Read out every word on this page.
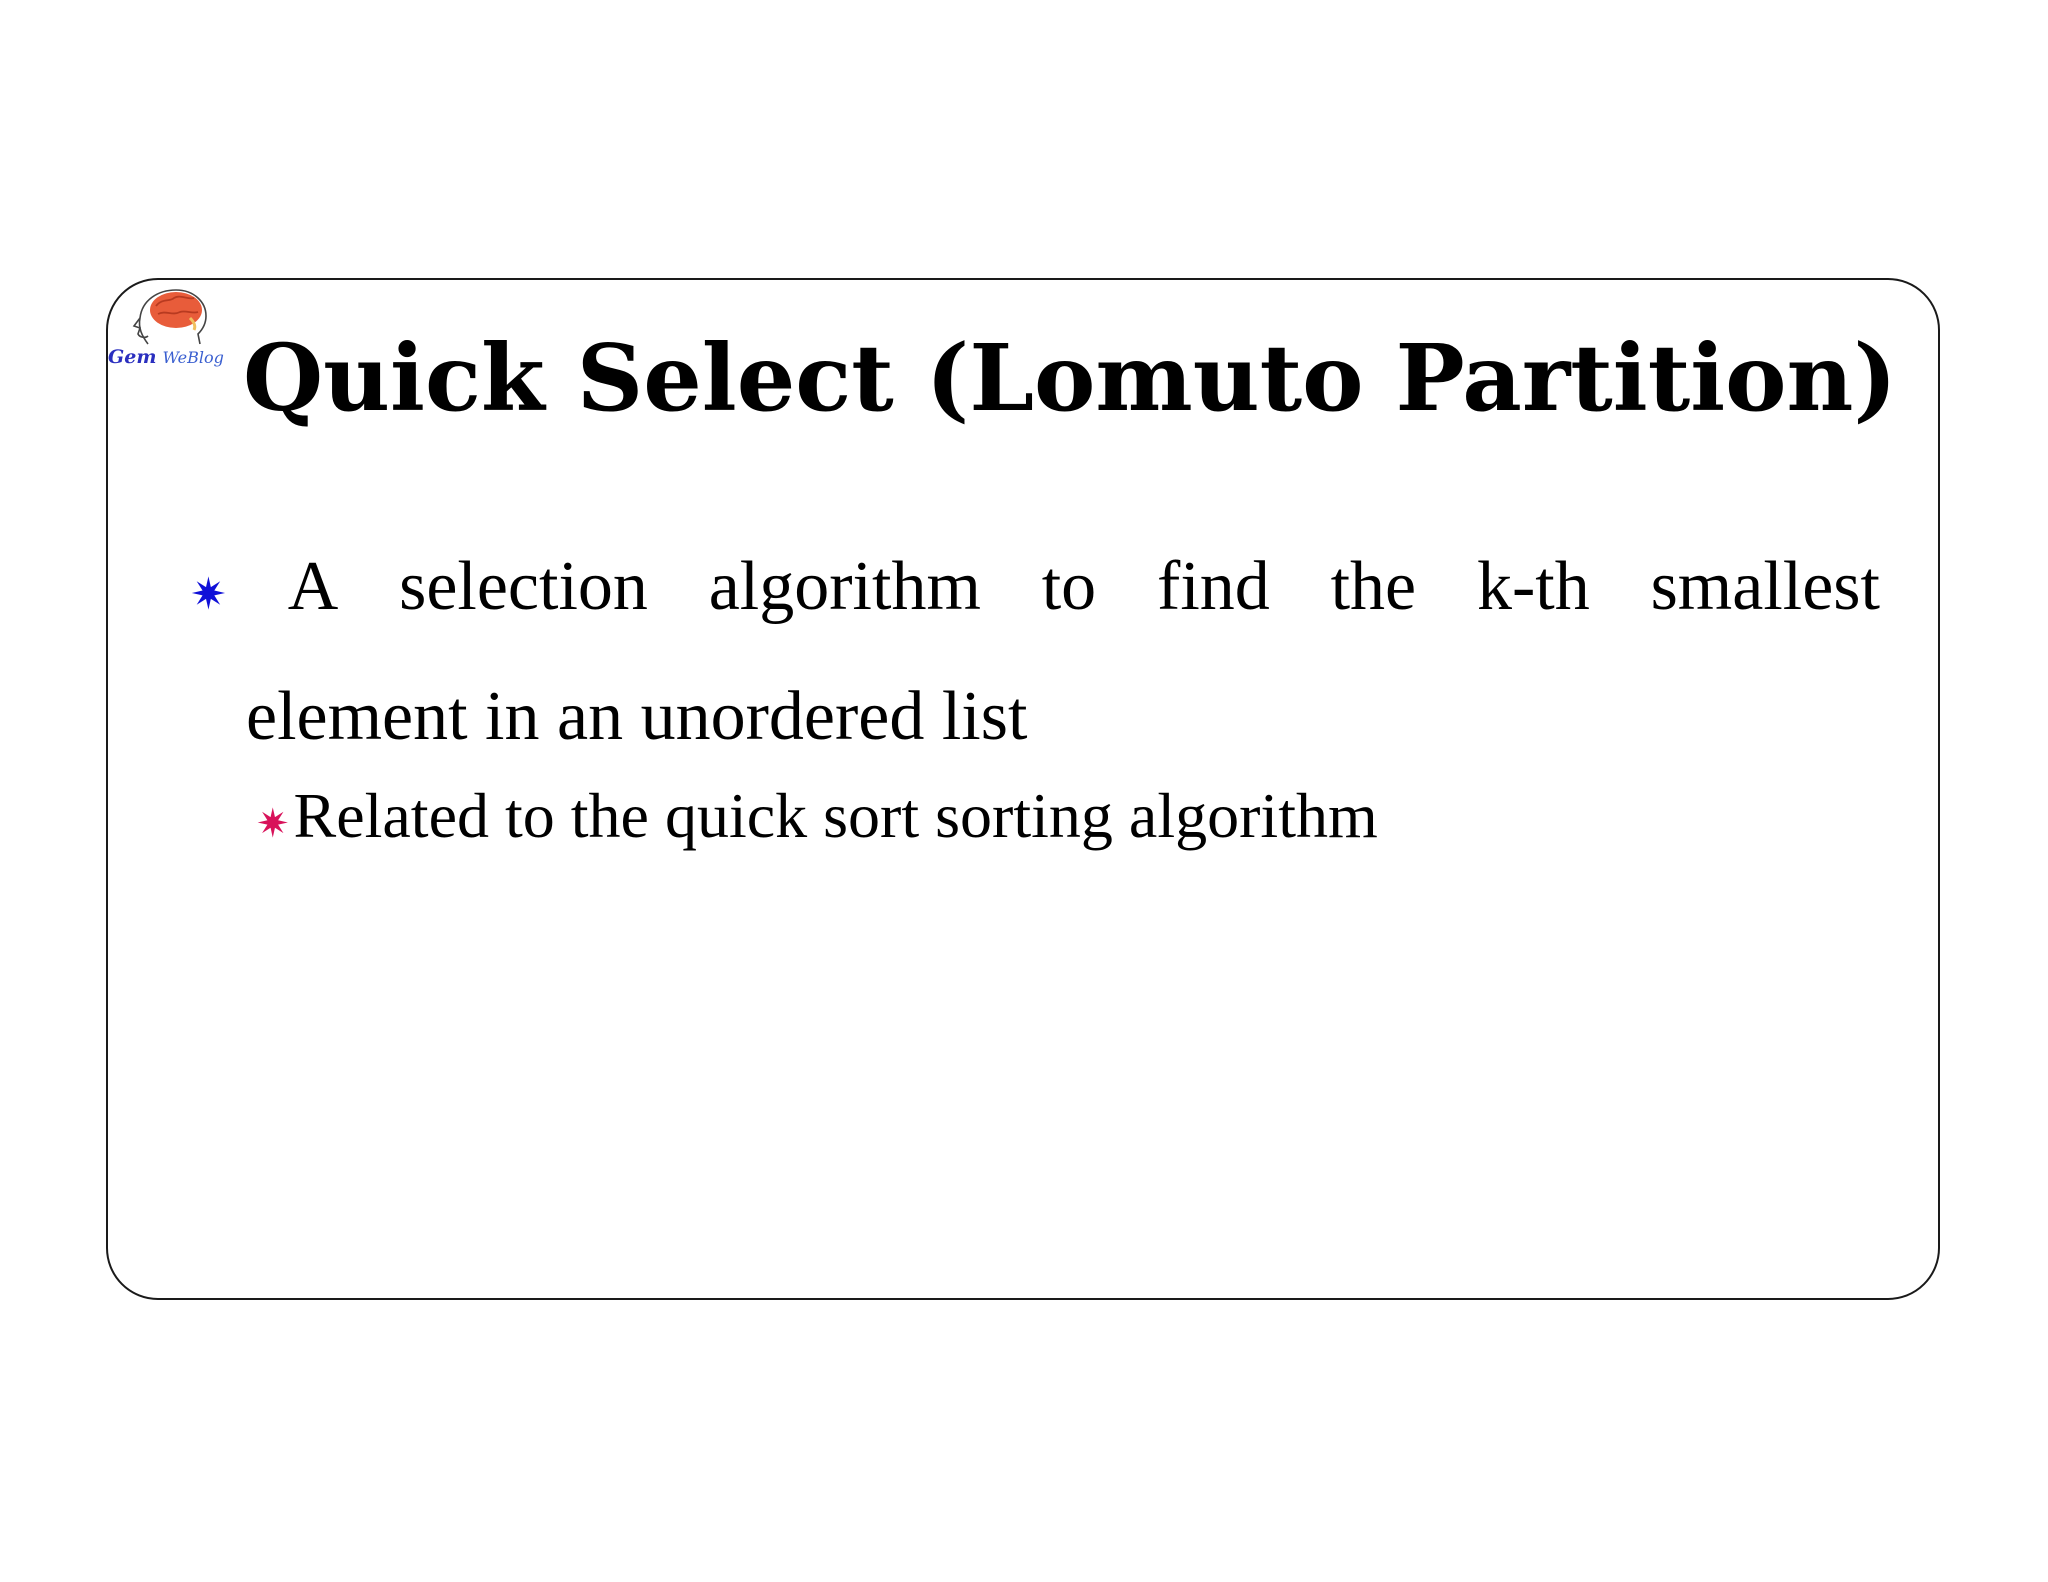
Gem WeBlog Quick Select (Lomuto Partition)
✷ A selection algorithm to find the k-th smallest
element in an unordered list
✷Related to the quick sort sorting algorithm
